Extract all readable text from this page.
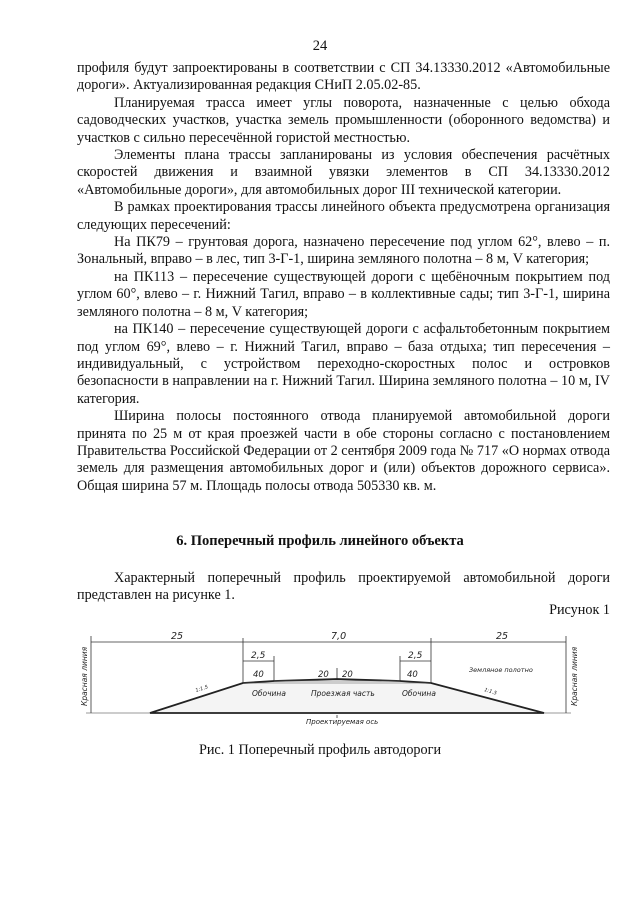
24

профиля будут запроектированы в соответствии с СП 34.13330.2012 «Автомобильные дороги». Актуализированная редакция СНиП 2.05.02-85.

Планируемая трасса имеет углы поворота, назначенные с целью обхода садоводческих участков, участка земель промышленности (оборонного ведомства) и участков с сильно пересечённой гористой местностью.

Элементы плана трассы запланированы из условия обеспечения расчётных скоростей движения и взаимной увязки элементов в СП 34.13330.2012 «Автомобильные дороги», для автомобильных дорог III технической категории.

В рамках проектирования трассы линейного объекта предусмотрена организация следующих пересечений:

На ПК79 – грунтовая дорога, назначено пересечение под углом 62°, влево – п. Зональный, вправо – в лес, тип 3-Г-1, ширина земляного полотна – 8 м, V категория;

на ПК113 – пересечение существующей дороги с щебёночным покрытием под углом 60°, влево – г. Нижний Тагил, вправо – в коллективные сады; тип 3-Г-1, ширина земляного полотна – 8 м, V категория;

на ПК140 – пересечение существующей дороги с асфальтобетонным покрытием под углом 69°, влево – г. Нижний Тагил, вправо – база отдыха; тип пересечения – индивидуальный, с устройством переходно-скоростных полос и островков безопасности в направлении на г. Нижний Тагил. Ширина земляного полотна – 10 м, IV категория.

Ширина полосы постоянного отвода планируемой автомобильной дороги принята по 25 м от края проезжей части в обе стороны согласно с постановлением Правительства Российской Федерации от 2 сентября 2009 года № 717 «О нормах отвода земель для размещения автомобильных дорог и (или) объектов дорожного сервиса». Общая ширина 57 м. Площадь полосы отвода 505330 кв. м.

6. Поперечный профиль линейного объекта

Характерный поперечный профиль проектируемой автомобильной дороги представлен на рисунке 1.

Рисунок 1
25	7,0	25
2,5	2,5
40	20 20	40	Земляное полотно
Обочина	Проезжая часть	Обочина
1:1.5	1:1.5
Проектируемая ось
Красная линия	Красная линия
Рис. 1 Поперечный профиль автодороги
